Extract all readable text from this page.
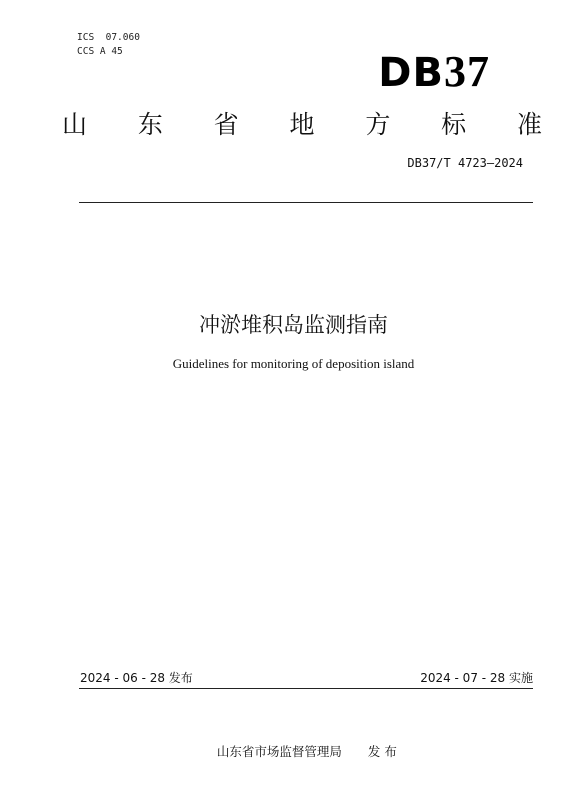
ICS  07.060
CCS A 45	DB37
山 东 省 地 方 标 准
DB37/T 4723—2024
冲淤堆积岛监测指南
Guidelines for monitoring of deposition island
2024 - 06 - 28 发布	2024 - 07 - 28 实施

山东省市场监督管理局 发 布
